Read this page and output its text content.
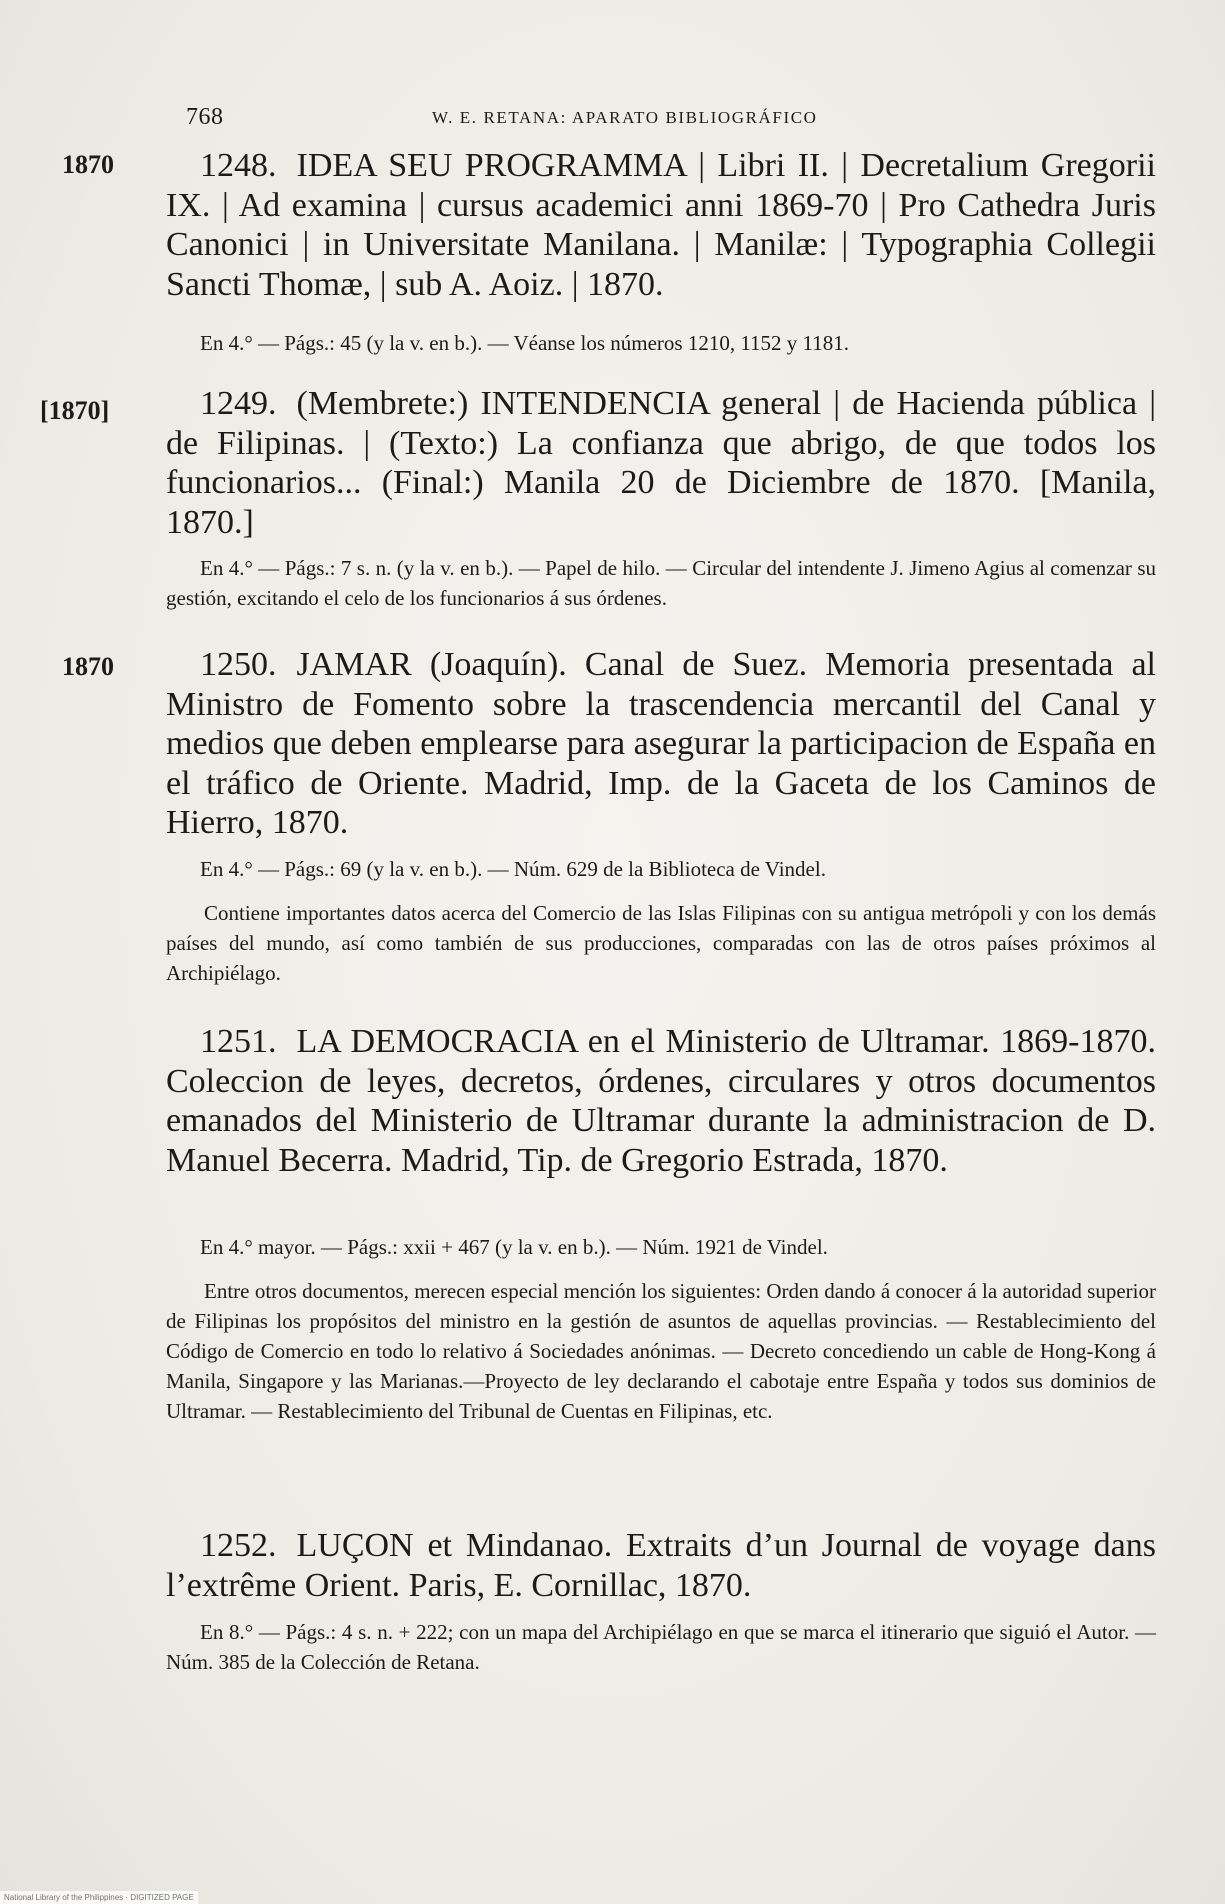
768	W. E. RETANA: APARATO BIBLIOGRÁFICO
1870	1248. IDEA SEU PROGRAMMA | Libri II. | Decretalium Gregorii IX. | Ad examina | cursus academici anni 1869-70 | Pro Cathedra Juris Canonici | in Universitate Manilana. | Manilæ: | Typographia Collegii Sancti Thomæ, | sub A. Aoiz. | 1870.
En 4.° — Págs.: 45 (y la v. en b.). — Véanse los números 1210, 1152 y 1181.
[1870]	1249. (Membrete:) INTENDENCIA general | de Hacienda pública | de Filipinas. | (Texto:) La confianza que abrigo, de que todos los funcionarios... (Final:) Manila 20 de Diciembre de 1870. [Manila, 1870.]
En 4.° — Págs.: 7 s. n. (y la v. en b.). — Papel de hilo. — Circular del intendente J. Jimeno Agius al comenzar su gestión, excitando el celo de los funcionarios á sus órdenes.
1870	1250. JAMAR (Joaquín). Canal de Suez. Memoria presentada al Ministro de Fomento sobre la trascendencia mercantil del Canal y medios que deben emplearse para asegurar la participacion de España en el tráfico de Oriente. Madrid, Imp. de la Gaceta de los Caminos de Hierro, 1870.
En 4.° — Págs.: 69 (y la v. en b.). — Núm. 629 de la Biblioteca de Vindel.
Contiene importantes datos acerca del Comercio de las Islas Filipinas con su antigua metrópoli y con los demás países del mundo, así como también de sus producciones, comparadas con las de otros países próximos al Archipiélago.
1251. LA DEMOCRACIA en el Ministerio de Ultramar. 1869-1870. Coleccion de leyes, decretos, órdenes, circulares y otros documentos emanados del Ministerio de Ultramar durante la administracion de D. Manuel Becerra. Madrid, Tip. de Gregorio Estrada, 1870.
En 4.° mayor. — Págs.: xxii + 467 (y la v. en b.). — Núm. 1921 de Vindel.
Entre otros documentos, merecen especial mención los siguientes: Orden dando á conocer á la autoridad superior de Filipinas los propósitos del ministro en la gestión de asuntos de aquellas provincias. — Restablecimiento del Código de Comercio en todo lo relativo á Sociedades anónimas. — Decreto concediendo un cable de Hong-Kong á Manila, Singapore y las Marianas.—Proyecto de ley declarando el cabotaje entre España y todos sus dominios de Ultramar. — Restablecimiento del Tribunal de Cuentas en Filipinas, etc.
1252. LUÇON et Mindanao. Extraits d’un Journal de voyage dans l’extrême Orient. Paris, E. Cornillac, 1870.
En 8.° — Págs.: 4 s. n. + 222; con un mapa del Archipiélago en que se marca el itinerario que siguió el Autor. — Núm. 385 de la Colección de Retana.
National Library of the Philippines · DIGITIZED PAGE
